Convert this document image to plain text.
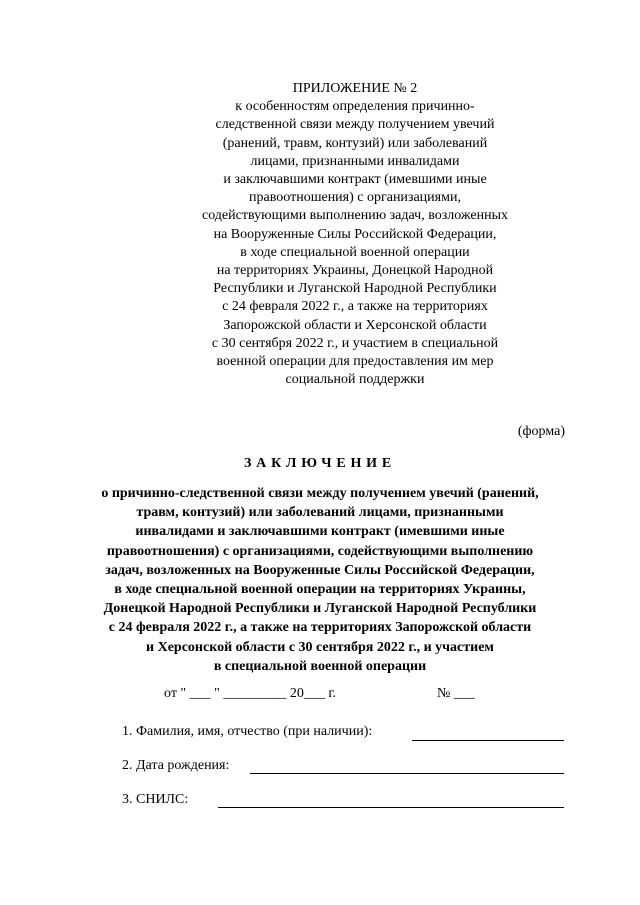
ПРИЛОЖЕНИЕ № 2
к особенностям определения причинно-
следственной связи между получением увечий
(ранений, травм, контузий) или заболеваний
лицами, признанными инвалидами
и заключавшими контракт (имевшими иные
правоотношения) с организациями,
содействующими выполнению задач, возложенных
на Вооруженные Силы Российской Федерации,
в ходе специальной военной операции
на территориях Украины, Донецкой Народной
Республики и Луганской Народной Республики
с 24 февраля 2022 г., а также на территориях
Запорожской области и Херсонской области
с 30 сентября 2022 г., и участием в специальной
военной операции для предоставления им мер
социальной поддержки
(форма)
ЗАКЛЮЧЕНИЕ
о причинно-следственной связи между получением увечий (ранений,
травм, контузий) или заболеваний лицами, признанными
инвалидами и заключавшими контракт (имевшими иные
правоотношения) с организациями, содействующими выполнению
задач, возложенных на Вооруженные Силы Российской Федерации,
в ходе специальной военной операции на территориях Украины,
Донецкой Народной Республики и Луганской Народной Республики
с 24 февраля 2022 г., а также на территориях Запорожской области
и Херсонской области с 30 сентября 2022 г., и участием
в специальной военной операции
от " ___ " _________ 20___ г.	№ ___
1. Фамилия, имя, отчество (при наличии):
2. Дата рождения:
3. СНИЛС:
